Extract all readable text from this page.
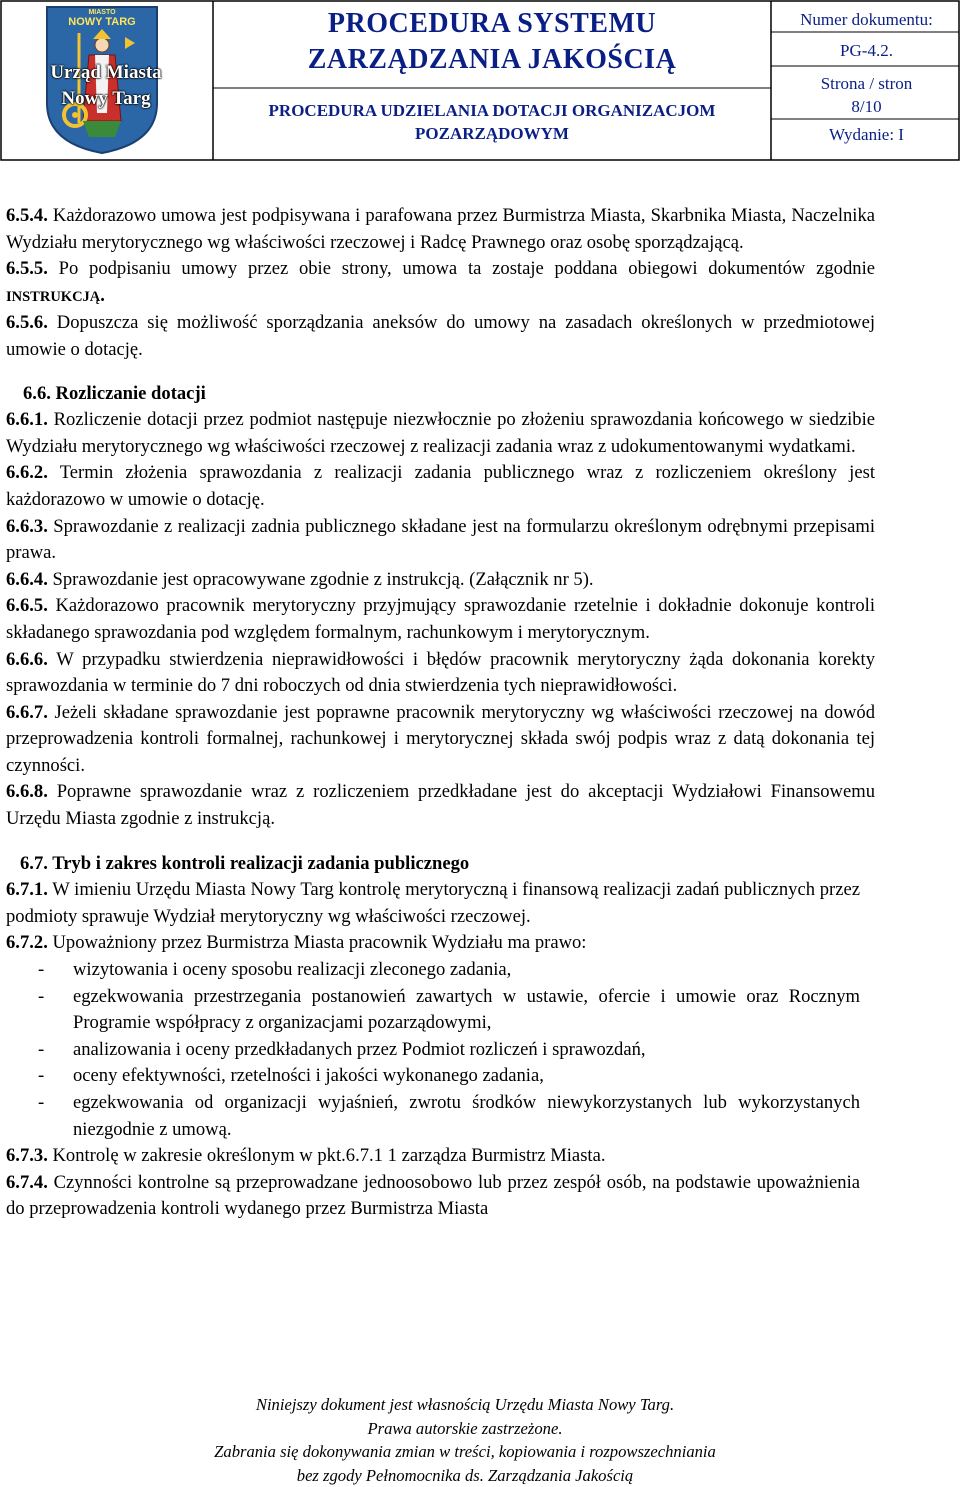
MIASTO
NOWY TARG
Urząd Miasta
Nowy Targ
PROCEDURA SYSTEMU
ZARZĄDZANIA JAKOŚCIĄ
PROCEDURA UDZIELANIA DOTACJI ORGANIZACJOM
POZARZĄDOWYM
Numer dokumentu:
PG-4.2.
Strona / stron
8/10
Wydanie: I

6.5.4. Każdorazowo umowa jest podpisywana i parafowana przez Burmistrza Miasta, Skarbnika Miasta, Naczelnika Wydziału merytorycznego wg właściwości rzeczowej i Radcę Prawnego oraz osobę sporządzającą.

6.5.5. Po podpisaniu umowy przez obie strony, umowa ta zostaje poddana obiegowi dokumentów zgodnie INSTRUKCJĄ.

6.5.6. Dopuszcza się możliwość sporządzania aneksów do umowy na zasadach określonych w przedmiotowej umowie o dotację.

6.6. Rozliczanie dotacji

6.6.1. Rozliczenie dotacji przez podmiot następuje niezwłocznie po złożeniu sprawozdania końcowego w siedzibie Wydziału merytorycznego wg właściwości rzeczowej z realizacji zadania wraz z udokumentowanymi wydatkami.

6.6.2. Termin złożenia sprawozdania z realizacji zadania publicznego wraz z rozliczeniem określony jest każdorazowo w umowie o dotację.

6.6.3. Sprawozdanie z realizacji zadnia publicznego składane jest na formularzu określonym odrębnymi przepisami prawa.

6.6.4. Sprawozdanie jest opracowywane zgodnie z instrukcją. (Załącznik nr 5).

6.6.5. Każdorazowo pracownik merytoryczny przyjmujący sprawozdanie rzetelnie i dokładnie dokonuje kontroli składanego sprawozdania pod względem formalnym, rachunkowym i merytorycznym.

6.6.6. W przypadku stwierdzenia nieprawidłowości i błędów pracownik merytoryczny żąda dokonania korekty sprawozdania w terminie do 7 dni roboczych od dnia stwierdzenia tych nieprawidłowości.

6.6.7. Jeżeli składane sprawozdanie jest poprawne pracownik merytoryczny wg właściwości rzeczowej na dowód przeprowadzenia kontroli formalnej, rachunkowej i merytorycznej składa swój podpis wraz z datą dokonania tej czynności.

6.6.8. Poprawne sprawozdanie wraz z rozliczeniem przedkładane jest do akceptacji Wydziałowi Finansowemu Urzędu Miasta zgodnie z instrukcją.

6.7. Tryb i zakres kontroli realizacji zadania publicznego

6.7.1. W imieniu Urzędu Miasta Nowy Targ kontrolę merytoryczną i finansową realizacji zadań publicznych przez podmioty sprawuje Wydział merytoryczny wg właściwości rzeczowej.

6.7.2. Upoważniony przez Burmistrza Miasta pracownik Wydziału ma prawo:

- wizytowania i oceny sposobu realizacji zleconego zadania,
- egzekwowania przestrzegania postanowień zawartych w ustawie, ofercie i umowie oraz Rocznym Programie współpracy z organizacjami pozarządowymi,
- analizowania i oceny przedkładanych przez Podmiot rozliczeń i sprawozdań,
- oceny efektywności, rzetelności i jakości wykonanego zadania,
- egzekwowania od organizacji wyjaśnień, zwrotu środków niewykorzystanych lub wykorzystanych niezgodnie z umową.

6.7.3. Kontrolę w zakresie określonym w pkt.6.7.1 1 zarządza Burmistrz Miasta.

6.7.4. Czynności kontrolne są przeprowadzane jednoosobowo lub przez zespół osób, na podstawie upoważnienia do przeprowadzenia kontroli wydanego przez Burmistrza Miasta

Niniejszy dokument jest własnością Urzędu Miasta Nowy Targ.
Prawa autorskie zastrzeżone.
Zabrania się dokonywania zmian w treści, kopiowania i rozpowszechniania
bez zgody Pełnomocnika ds. Zarządzania Jakością
